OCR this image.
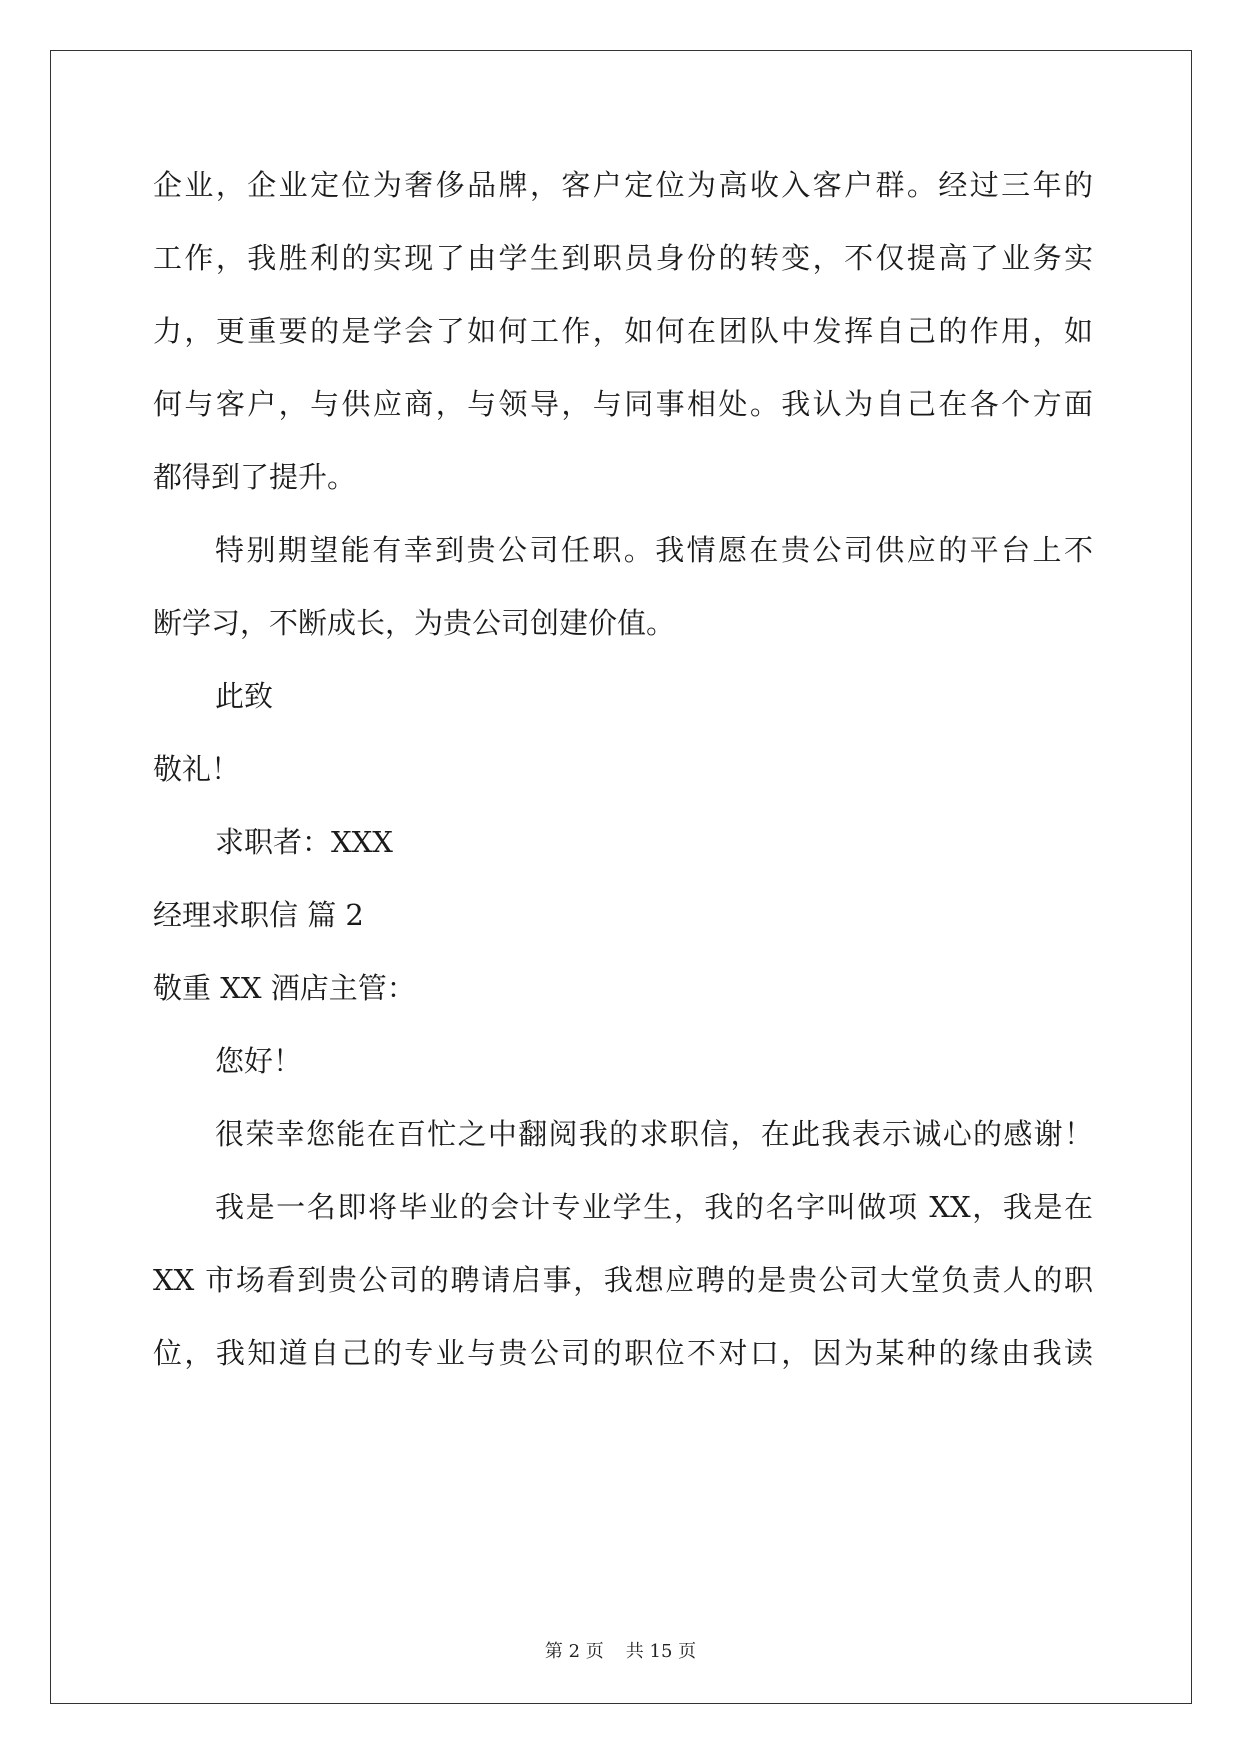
企业，企业定位为奢侈品牌，客户定位为高收入客户群。经过三年的
工作，我胜利的实现了由学生到职员身份的转变，不仅提高了业务实
力，更重要的是学会了如何工作，如何在团队中发挥自己的作用，如
何与客户，与供应商，与领导，与同事相处。我认为自己在各个方面
都得到了提升。
特别期望能有幸到贵公司任职。我情愿在贵公司供应的平台上不
断学习，不断成长，为贵公司创建价值。
此致
敬礼！
求职者：XXX
经理求职信 篇 2
敬重 XX 酒店主管：
您好！
很荣幸您能在百忙之中翻阅我的求职信，在此我表示诚心的感谢！
我是一名即将毕业的会计专业学生，我的名字叫做项 XX，我是在
XX 市场看到贵公司的聘请启事，我想应聘的是贵公司大堂负责人的职
位，我知道自己的专业与贵公司的职位不对口，因为某种的缘由我读
第 2 页 共 15 页
